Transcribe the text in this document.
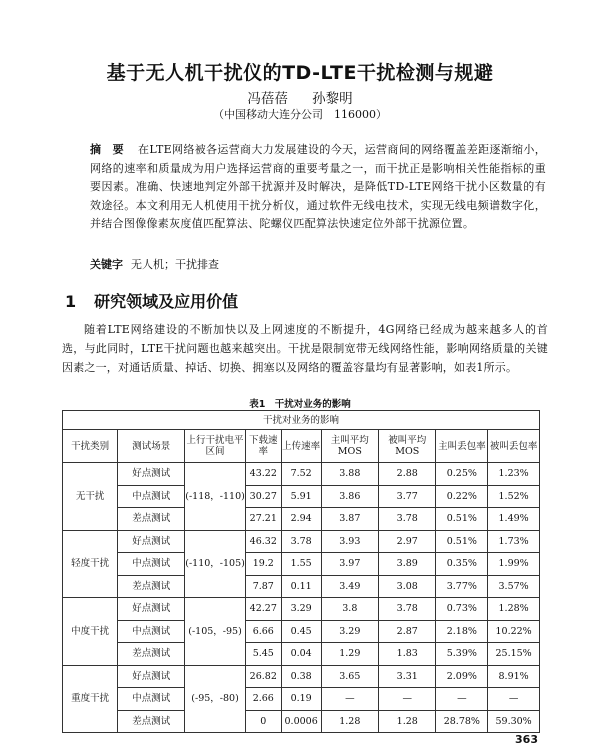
基于无人机干扰仪的TD-LTE干扰检测与规避
冯蓓蓓 孙黎明
（中国移动大连分公司　116000）
摘　要 在LTE网络被各运营商大力发展建设的今天，运营商间的网络覆盖差距逐渐缩小，网络的速率和质量成为用户选择运营商的重要考量之一，而干扰正是影响相关性能指标的重要因素。准确、快速地判定外部干扰源并及时解决，是降低TD-LTE网络干扰小区数量的有效途径。本文利用无人机使用干扰分析仪，通过软件无线电技术，实现无线电频谱数字化，并结合图像像素灰度值匹配算法、陀螺仪匹配算法快速定位外部干扰源位置。
关键字 无人机；干扰排查
1 研究领域及应用价值
随着LTE网络建设的不断加快以及上网速度的不断提升，4G网络已经成为越来越多人的首选，与此同时，LTE干扰问题也越来越突出。干扰是限制宽带无线网络性能，影响网络质量的关键因素之一，对通话质量、掉话、切换、拥塞以及网络的覆盖容量均有显著影响，如表1所示。
表1　干扰对业务的影响
干扰对业务的影响								
干扰类别	测试场景	上行干扰电平区间	下载速率	上传速率	主叫平均MOS	被叫平均MOS	主叫丢包率	被叫丢包率
无干扰	好点测试	(-118，-110)	43.22	7.52	3.88	2.88	0.25%	1.23%
	中点测试		30.27	5.91	3.86	3.77	0.22%	1.52%
	差点测试		27.21	2.94	3.87	3.78	0.51%	1.49%
轻度干扰	好点测试	(-110，-105)	46.32	3.78	3.93	2.97	0.51%	1.73%
	中点测试		19.2	1.55	3.97	3.89	0.35%	1.99%
	差点测试		7.87	0.11	3.49	3.08	3.77%	3.57%
中度干扰	好点测试	(-105，-95)	42.27	3.29	3.8	3.78	0.73%	1.28%
	中点测试		6.66	0.45	3.29	2.87	2.18%	10.22%
	差点测试		5.45	0.04	1.29	1.83	5.39%	25.15%
重度干扰	好点测试	(-95，-80)	26.82	0.38	3.65	3.31	2.09%	8.91%
	中点测试		2.66	0.19	—	—	—	—
	差点测试		0	0.0006	1.28	1.28	28.78%	59.30%
363
